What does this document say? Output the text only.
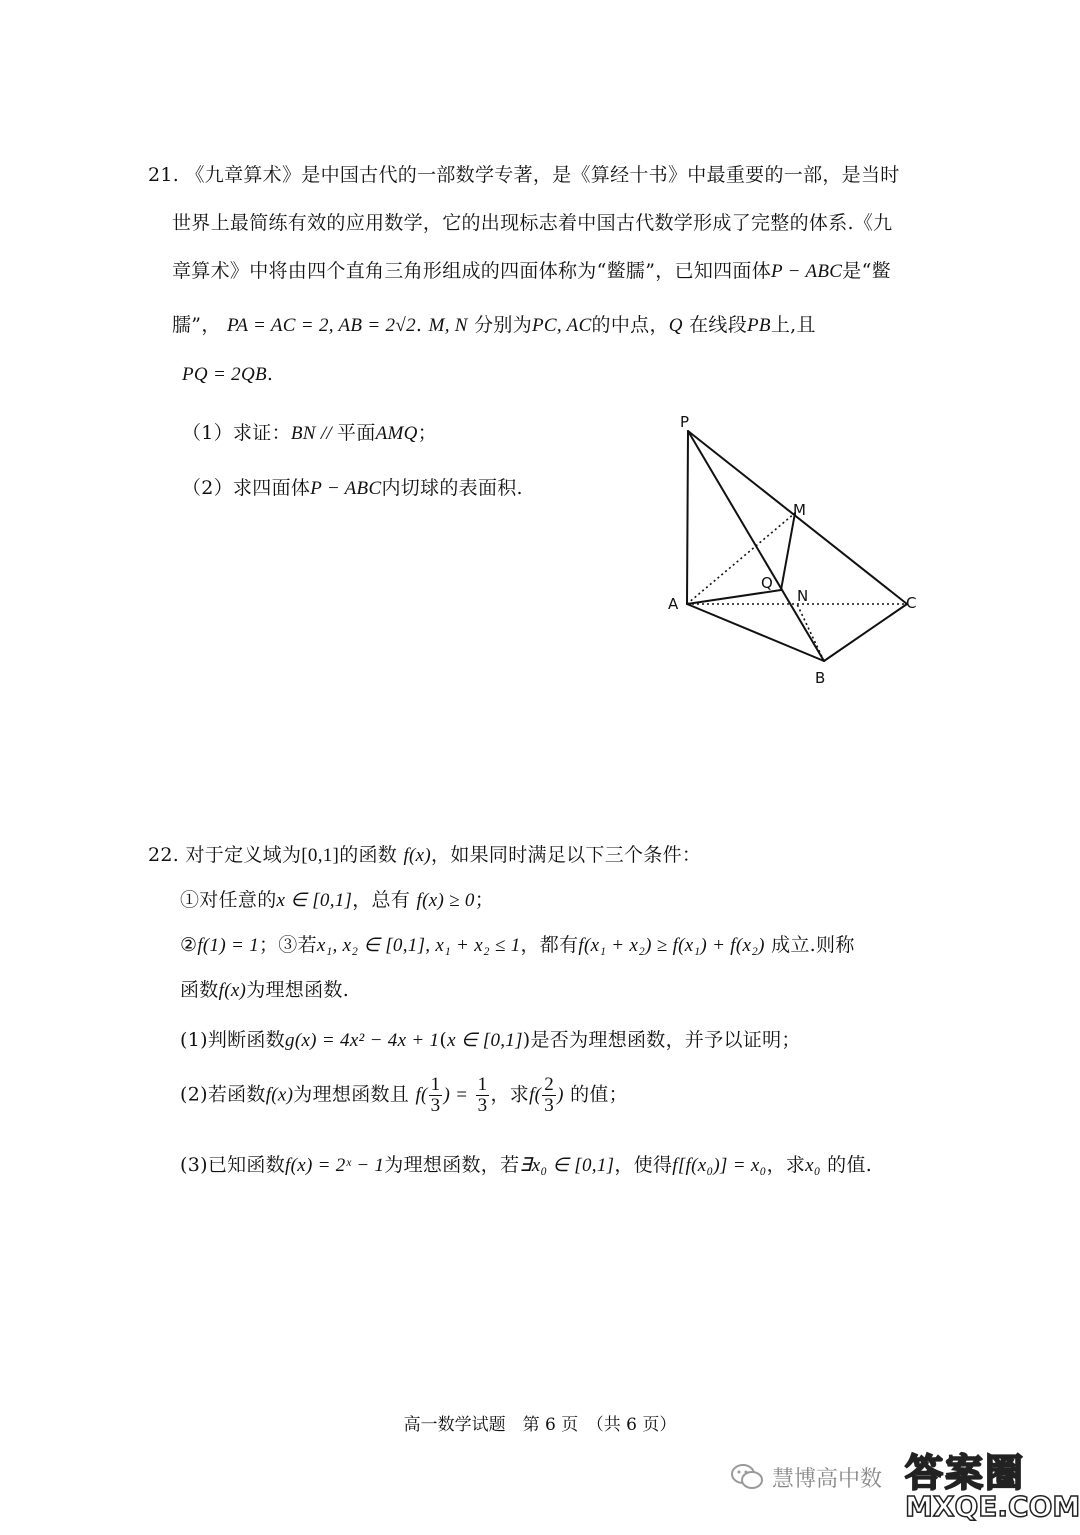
21. 《九章算术》是中国古代的一部数学专著，是《算经十书》中最重要的一部，是当时
世界上最简练有效的应用数学，它的出现标志着中国古代数学形成了完整的体系.《九
章算术》中将由四个直角三角形组成的四面体称为“鳖臑”，已知四面体P − ABC是“鳖
臑”， PA = AC = 2, AB = 2√2. M, N 分别为PC, AC的中点，Q 在线段PB上,且
PQ = 2QB.
（1）求证：BN // 平面AMQ；
（2）求四面体P − ABC内切球的表面积.
P
M
Q
N
A	C
B
22. 对于定义域为[0,1]的函数 f(x)，如果同时满足以下三个条件：
①对任意的x ∈ [0,1]，总有 f(x) ≥ 0；
②f(1) = 1；③若x₁, x₂ ∈ [0,1], x₁ + x₂ ≤ 1，都有f(x₁ + x₂) ≥ f(x₁) + f(x₂) 成立.则称
函数f(x)为理想函数.
(1)判断函数g(x) = 4x² − 4x + 1(x ∈ [0,1])是否为理想函数，并予以证明；
(2)若函数f(x)为理想函数且 $f( \frac{1}{3}$ ) = $\frac{1}{3}$ ，求$f( \frac{2}{3}$ ) 的值；
(3)已知函数f(x) = 2ˣ − 1为理想函数，若∃x₀ ∈ [0,1]，使得f[f(x₀)] = x₀，求x₀ 的值.
高一数学试题　第 6 页　（共 6 页）
慧博高中数 答案圈
MXQE.COM
